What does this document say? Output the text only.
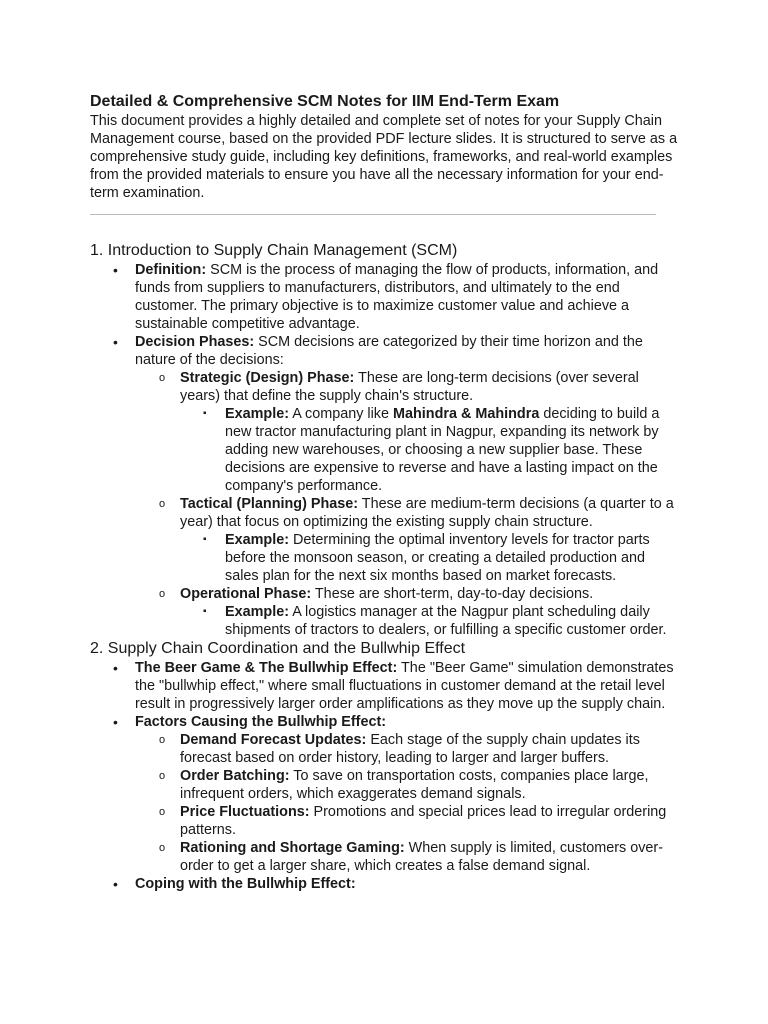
Detailed & Comprehensive SCM Notes for IIM End-Term Exam

This document provides a highly detailed and complete set of notes for your Supply Chain Management course, based on the provided PDF lecture slides. It is structured to serve as a comprehensive study guide, including key definitions, frameworks, and real-world examples from the provided materials to ensure you have all the necessary information for your end-term examination.

1. Introduction to Supply Chain Management (SCM)
• Definition: SCM is the process of managing the flow of products, information, and funds from suppliers to manufacturers, distributors, and ultimately to the end customer. The primary objective is to maximize customer value and achieve a sustainable competitive advantage.
• Decision Phases: SCM decisions are categorized by their time horizon and the nature of the decisions:
o Strategic (Design) Phase: These are long-term decisions (over several years) that define the supply chain's structure.
▪ Example: A company like Mahindra & Mahindra deciding to build a new tractor manufacturing plant in Nagpur, expanding its network by adding new warehouses, or choosing a new supplier base. These decisions are expensive to reverse and have a lasting impact on the company's performance.
o Tactical (Planning) Phase: These are medium-term decisions (a quarter to a year) that focus on optimizing the existing supply chain structure.
▪ Example: Determining the optimal inventory levels for tractor parts before the monsoon season, or creating a detailed production and sales plan for the next six months based on market forecasts.
o Operational Phase: These are short-term, day-to-day decisions.
▪ Example: A logistics manager at the Nagpur plant scheduling daily shipments of tractors to dealers, or fulfilling a specific customer order.
2. Supply Chain Coordination and the Bullwhip Effect
• The Beer Game & The Bullwhip Effect: The "Beer Game" simulation demonstrates the "bullwhip effect," where small fluctuations in customer demand at the retail level result in progressively larger order amplifications as they move up the supply chain.
• Factors Causing the Bullwhip Effect:
o Demand Forecast Updates: Each stage of the supply chain updates its forecast based on order history, leading to larger and larger buffers.
o Order Batching: To save on transportation costs, companies place large, infrequent orders, which exaggerates demand signals.
o Price Fluctuations: Promotions and special prices lead to irregular ordering patterns.
o Rationing and Shortage Gaming: When supply is limited, customers over-order to get a larger share, which creates a false demand signal.
• Coping with the Bullwhip Effect:
